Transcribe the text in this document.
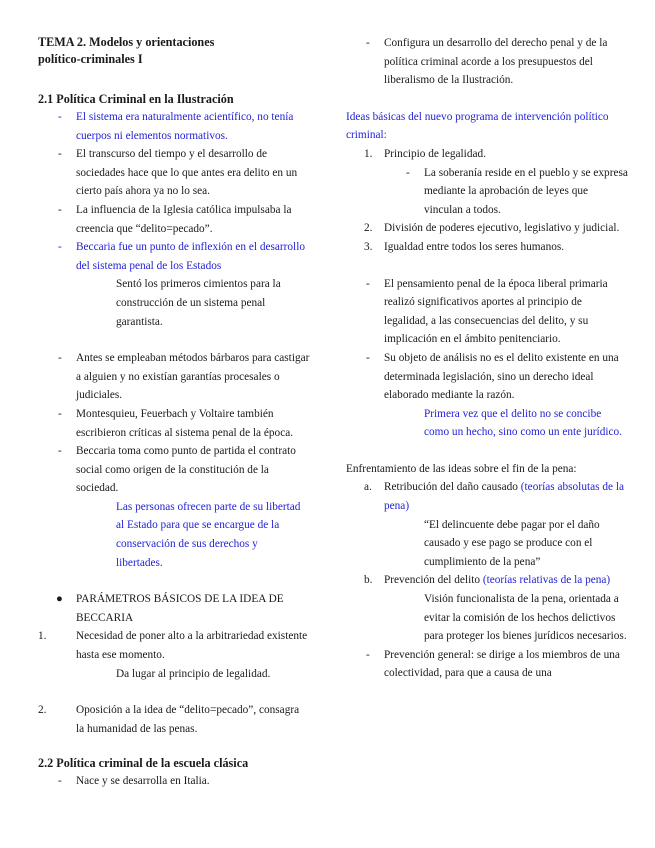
TEMA 2. Modelos y orientaciones
político-criminales I
2.1 Política Criminal en la Ilustración
- El sistema era naturalmente acientífico, no tenía cuerpos ni elementos normativos.
- El transcurso del tiempo y el desarrollo de sociedades hace que lo que antes era delito en un cierto país ahora ya no lo sea.
- La influencia de la Iglesia católica impulsaba la creencia que “delito=pecado”.
- Beccaria fue un punto de inflexión en el desarrollo del sistema penal de los Estados
Sentó los primeros cimientos para la construcción de un sistema penal garantista.
- Antes se empleaban métodos bárbaros para castigar a alguien y no existían garantías procesales o judiciales.
- Montesquieu, Feuerbach y Voltaire también escribieron críticas al sistema penal de la época.
- Beccaria toma como punto de partida el contrato social como origen de la constitución de la sociedad.
Las personas ofrecen parte de su libertad al Estado para que se encargue de la conservación de sus derechos y libertades.
● PARÁMETROS BÁSICOS DE LA IDEA DE BECCARIA
1.	Necesidad de poner alto a la arbitrariedad existente hasta ese momento.
Da lugar al principio de legalidad.
2.	Oposición a la idea de “delito=pecado”, consagra la humanidad de las penas.
2.2 Política criminal de la escuela clásica
- Nace y se desarrolla en Italia.
- Configura un desarrollo del derecho penal y de la política criminal acorde a los presupuestos del liberalismo de la Ilustración.
Ideas básicas del nuevo programa de intervención político criminal:
1. Principio de legalidad.
- La soberanía reside en el pueblo y se expresa mediante la aprobación de leyes que vinculan a todos.
2. División de poderes ejecutivo, legislativo y judicial.
3. Igualdad entre todos los seres humanos.
- El pensamiento penal de la época liberal primaria realizó significativos aportes al principio de legalidad, a las consecuencias del delito, y su implicación en el ámbito penitenciario.
- Su objeto de análisis no es el delito existente en una determinada legislación, sino un derecho ideal elaborado mediante la razón.
Primera vez que el delito no se concibe como un hecho, sino como un ente jurídico.
Enfrentamiento de las ideas sobre el fin de la pena:
a. Retribución del daño causado (teorías absolutas de la pena)
“El delincuente debe pagar por el daño causado y ese pago se produce con el cumplimiento de la pena”
b. Prevención del delito (teorías relativas de la pena)
Visión funcionalista de la pena, orientada a evitar la comisión de los hechos delictivos para proteger los bienes jurídicos necesarios.
- Prevención general: se dirige a los miembros de una colectividad, para que a causa de una
